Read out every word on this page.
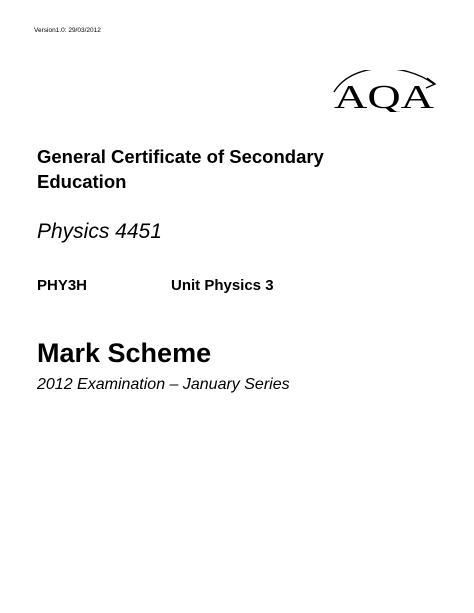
Version1.0: 29/03/2012
AQA
General Certificate of Secondary Education
Physics 4451
PHY3H	Unit Physics 3
Mark Scheme
2012 Examination – January Series
